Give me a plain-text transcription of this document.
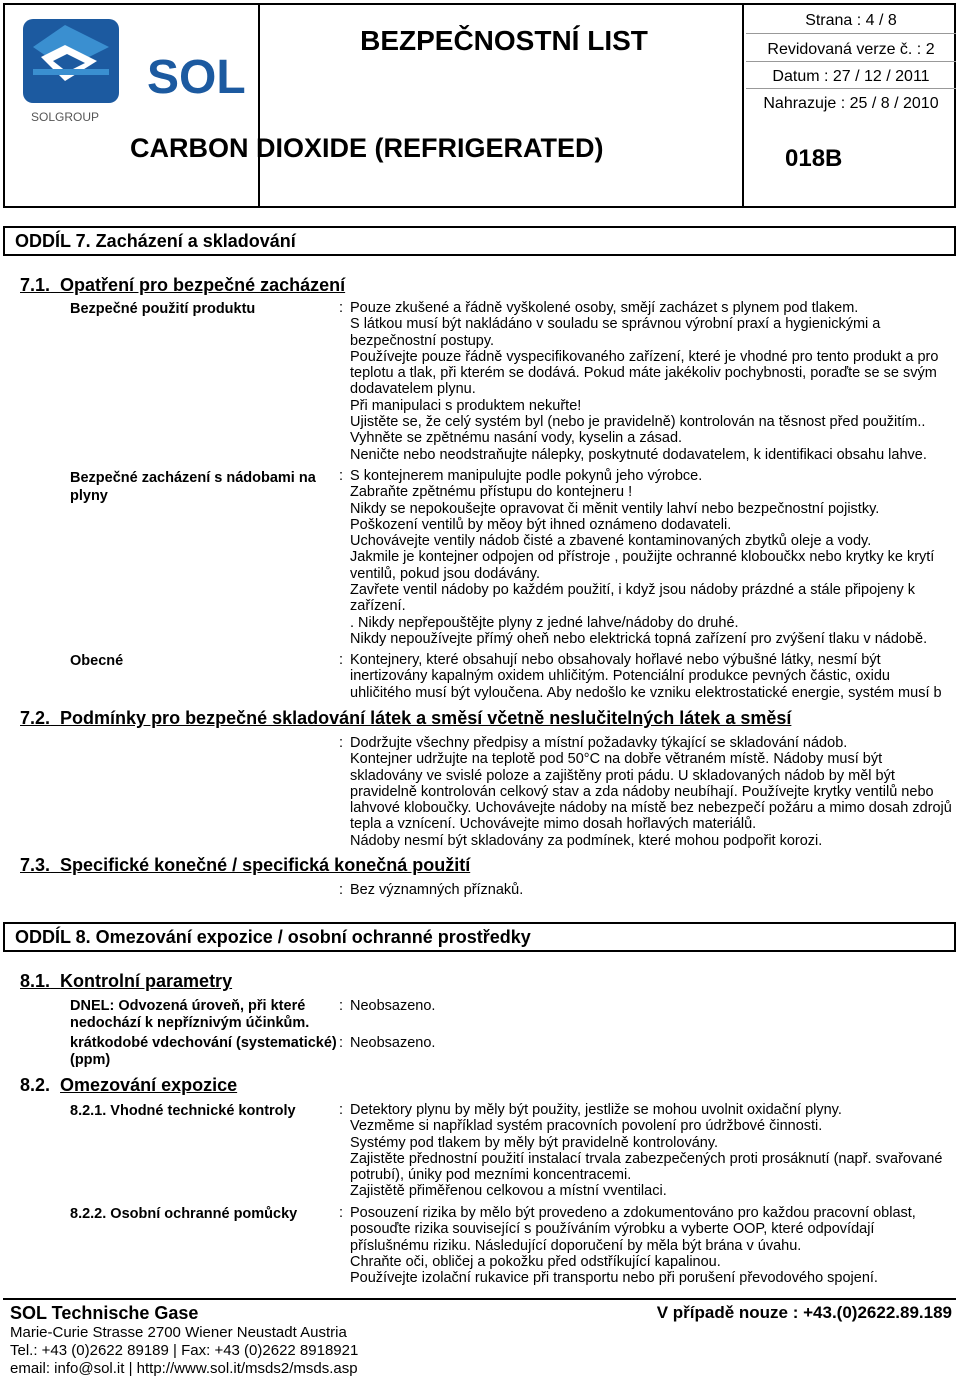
SOL
SOLGROUP
BEZPEČNOSTNÍ LIST
CARBON DIOXIDE (REFRIGERATED)	018B
Strana : 4 / 8
Revidovaná verze č. : 2
Datum : 27 / 12 / 2011
Nahrazuje : 25 / 8 / 2010
ODDÍL 7. Zacházení a skladování
7.1. Opatření pro bezpečné zacházení
Bezpečné použití produktu	: Pouze zkušené a řádně vyškolené osoby, smějí zacházet s plynem pod tlakem.
S látkou musí být nakládáno v souladu se správnou výrobní praxí a hygienickými a
bezpečnostní postupy.
Používejte pouze řádně vyspecifikovaného zařízení, které je vhodné pro tento produkt a pro
teplotu a tlak, při kterém se dodává. Pokud máte jakékoliv pochybnosti, poraďte se se svým
dodavatelem plynu.
Při manipulaci s produktem nekuřte!
Ujistěte se, že celý systém byl (nebo je pravidelně) kontrolován na těsnost před použitím..
Vyhněte se zpětnému nasání vody, kyselin a zásad.
Neničte nebo neodstraňujte nálepky, poskytnuté dodavatelem, k identifikaci obsahu lahve.
Bezpečné zacházení s nádobami na
plyny
: S kontejnerem manipulujte podle pokynů jeho výrobce.
Zabraňte zpětnému přístupu do kontejneru !
Nikdy se nepokoušejte opravovat či měnit ventily lahví nebo bezpečnostní pojistky.
Poškození ventilů by měoy být ihned oznámeno dodavateli.
Uchovávejte ventily nádob čisté a zbavené kontaminovaných zbytků oleje a vody.
Jakmile je kontejner odpojen od přístroje , použijte ochranné kloboučkx nebo krytky ke krytí
ventilů, pokud jsou dodávány.
Zavřete ventil nádoby po každém použití, i když jsou nádoby prázdné a stále připojeny k
zařízení.
. Nikdy nepřepouštějte plyny z jedné lahve/nádoby do druhé.
Nikdy nepoužívejte přímý oheň nebo elektrická topná zařízení pro zvýšení tlaku v nádobě.
Obecné	: Kontejnery, které obsahují nebo obsahovaly hořlavé nebo výbušné látky, nesmí být
inertizovány kapalným oxidem uhličitým. Potenciální produkce pevných částic, oxidu
uhličitého musí být vyloučena. Aby nedošlo ke vzniku elektrostatické energie, systém musí b
7.2. Podmínky pro bezpečné skladování látek a směsí včetně neslučitelných látek a směsí
: Dodržujte všechny předpisy a místní požadavky týkající se skladování nádob.
Kontejner udržujte na teplotě pod 50°C na dobře větraném místě. Nádoby musí být
skladovány ve svislé poloze a zajištěny proti pádu. U skladovaných nádob by měl být
pravidelně kontrolován celkový stav a zda nádoby neubíhají. Používejte krytky ventilů nebo
lahvové kloboučky. Uchovávejte nádoby na místě bez nebezpečí požáru a mimo dosah zdrojů
tepla a vznícení. Uchovávejte mimo dosah hořlavých materiálů.
Nádoby nesmí být skladovány za podmínek, které mohou podpořit korozi.
7.3. Specifické konečné / specifická konečná použití
: Bez významných příznaků.
ODDÍL 8. Omezování expozice / osobní ochranné prostředky
8.1. Kontrolní parametry
DNEL: Odvozená úroveň, při které
nedochází k nepříznivým účinkům.
: Neobsazeno.
krátkodobé vdechování (systematické)
(ppm)
: Neobsazeno.
8.2. Omezování expozice
8.2.1. Vhodné technické kontroly	: Detektory plynu by měly být použity, jestliže se mohou uvolnit oxidační plyny.
Vezměme si například systém pracovních povolení pro údržbové činnosti.
Systémy pod tlakem by měly být pravidelně kontrolovány.
Zajistěte přednostní použití instalací trvala zabezpečených proti prosáknutí (např. svařované
potrubí), úniky pod mezními koncentracemi.
Zajistětě přiměřenou celkovou a místní vventilaci.
8.2.2. Osobní ochranné pomůcky	: Posouzení rizika by mělo být provedeno a zdokumentováno pro každou pracovní oblast,
posouďte rizika související s používáním výrobku a vyberte OOP, které odpovídají
příslušnému riziku. Následující doporučení by měla být brána v úvahu.
Chraňte oči, obličej a pokožku před odstříkující kapalinou.
Používejte izolační rukavice při transportu nebo při porušení převodového spojení.
SOL Technische Gase	V případě nouze : +43.(0)2622.89.189
Marie-Curie Strasse 2700 Wiener Neustadt Austria
Tel.: +43 (0)2622 89189 | Fax: +43 (0)2622 8918921
email: info@sol.it | http://www.sol.it/msds2/msds.asp
